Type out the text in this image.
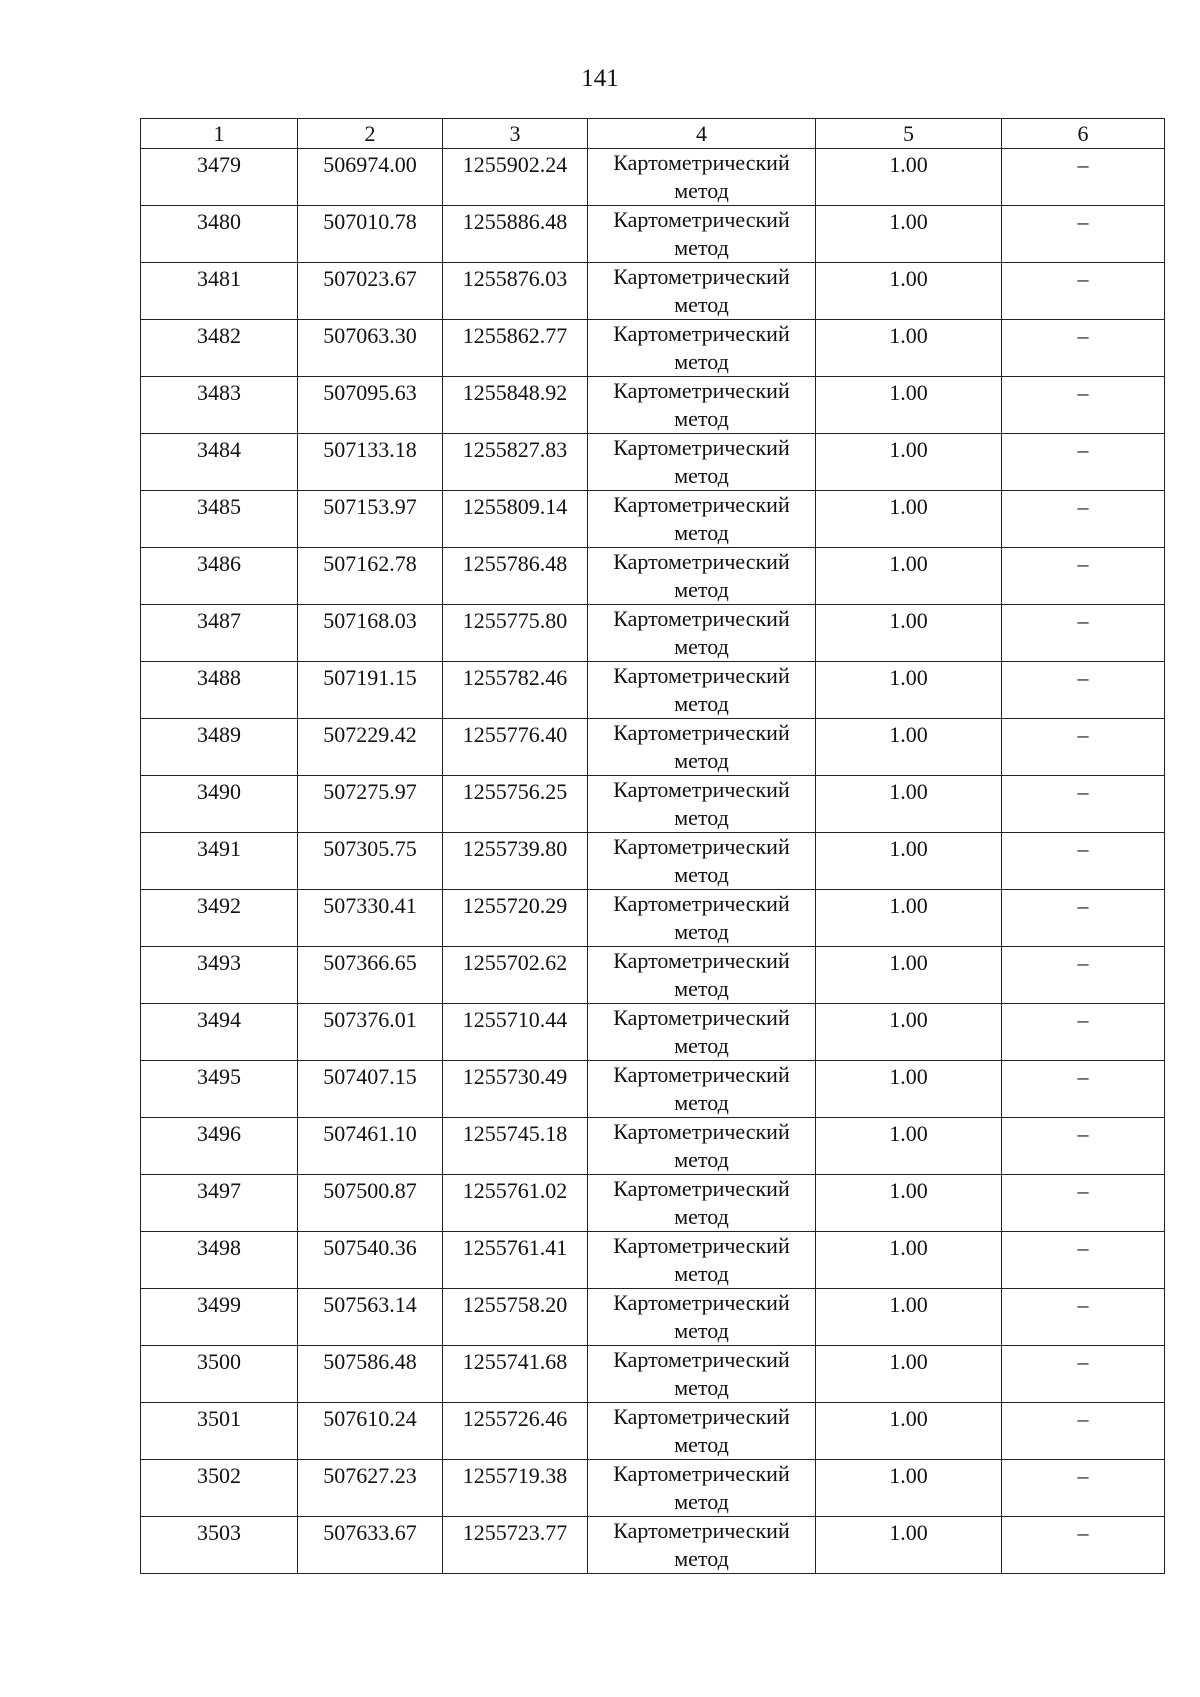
141
1	2	3	4	5	6

3479	506974.00	1255902.24	Картометрический
метод	1.00	–

3480	507010.78	1255886.48	Картометрический
метод	1.00	–

3481	507023.67	1255876.03	Картометрический
метод	1.00	–

3482	507063.30	1255862.77	Картометрический
метод	1.00	–

3483	507095.63	1255848.92	Картометрический
метод	1.00	–

3484	507133.18	1255827.83	Картометрический
метод	1.00	–

3485	507153.97	1255809.14	Картометрический
метод	1.00	–

3486	507162.78	1255786.48	Картометрический
метод	1.00	–

3487	507168.03	1255775.80	Картометрический
метод	1.00	–

3488	507191.15	1255782.46	Картометрический
метод	1.00	–

3489	507229.42	1255776.40	Картометрический
метод	1.00	–

3490	507275.97	1255756.25	Картометрический
метод	1.00	–

3491	507305.75	1255739.80	Картометрический
метод	1.00	–

3492	507330.41	1255720.29	Картометрический
метод	1.00	–

3493	507366.65	1255702.62	Картометрический
метод	1.00	–

3494	507376.01	1255710.44	Картометрический
метод	1.00	–

3495	507407.15	1255730.49	Картометрический
метод	1.00	–

3496	507461.10	1255745.18	Картометрический
метод	1.00	–

3497	507500.87	1255761.02	Картометрический
метод	1.00	–

3498	507540.36	1255761.41	Картометрический
метод	1.00	–

3499	507563.14	1255758.20	Картометрический
метод	1.00	–

3500	507586.48	1255741.68	Картометрический
метод	1.00	–

3501	507610.24	1255726.46	Картометрический
метод	1.00	–

3502	507627.23	1255719.38	Картометрический
метод	1.00	–

3503	507633.67	1255723.77	Картометрический
метод	1.00	–
